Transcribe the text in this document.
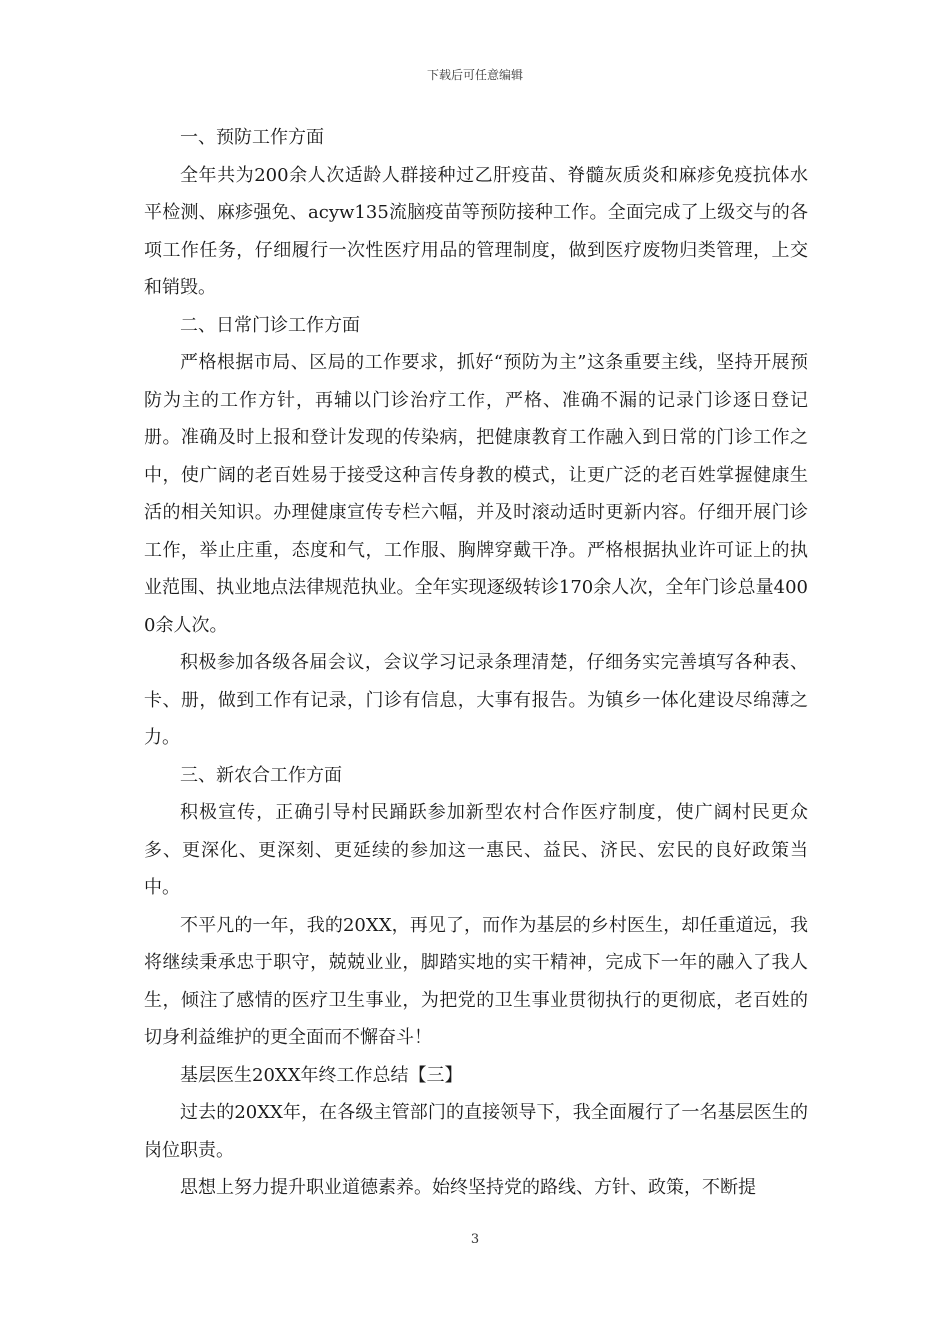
下载后可任意编辑

一、预防工作方面

全年共为200余人次适龄人群接种过乙肝疫苗、脊髓灰质炎和麻疹免疫抗体水平检测、麻疹强免、acyw135流脑疫苗等预防接种工作。全面完成了上级交与的各项工作任务，仔细履行一次性医疗用品的管理制度，做到医疗废物归类管理，上交和销毁。

二、日常门诊工作方面

严格根据市局、区局的工作要求，抓好“预防为主”这条重要主线，坚持开展预防为主的工作方针，再辅以门诊治疗工作，严格、准确不漏的记录门诊逐日登记册。准确及时上报和登计发现的传染病，把健康教育工作融入到日常的门诊工作之中，使广阔的老百姓易于接受这种言传身教的模式，让更广泛的老百姓掌握健康生活的相关知识。办理健康宣传专栏六幅，并及时滚动适时更新内容。仔细开展门诊工作，举止庄重，态度和气，工作服、胸牌穿戴干净。严格根据执业许可证上的执业范围、执业地点法律规范执业。全年实现逐级转诊170余人次，全年门诊总量4000余人次。

积极参加各级各届会议，会议学习记录条理清楚，仔细务实完善填写各种表、卡、册，做到工作有记录，门诊有信息，大事有报告。为镇乡一体化建设尽绵薄之力。

三、新农合工作方面

积极宣传，正确引导村民踊跃参加新型农村合作医疗制度，使广阔村民更众多、更深化、更深刻、更延续的参加这一惠民、益民、济民、宏民的良好政策当中。

不平凡的一年，我的20XX，再见了，而作为基层的乡村医生，却任重道远，我将继续秉承忠于职守，兢兢业业，脚踏实地的实干精神，完成下一年的融入了我人生，倾注了感情的医疗卫生事业，为把党的卫生事业贯彻执行的更彻底，老百姓的切身利益维护的更全面而不懈奋斗！

基层医生20XX年终工作总结【三】

过去的20XX年，在各级主管部门的直接领导下，我全面履行了一名基层医生的岗位职责。

思想上努力提升职业道德素养。始终坚持党的路线、方针、政策，不断提

3
